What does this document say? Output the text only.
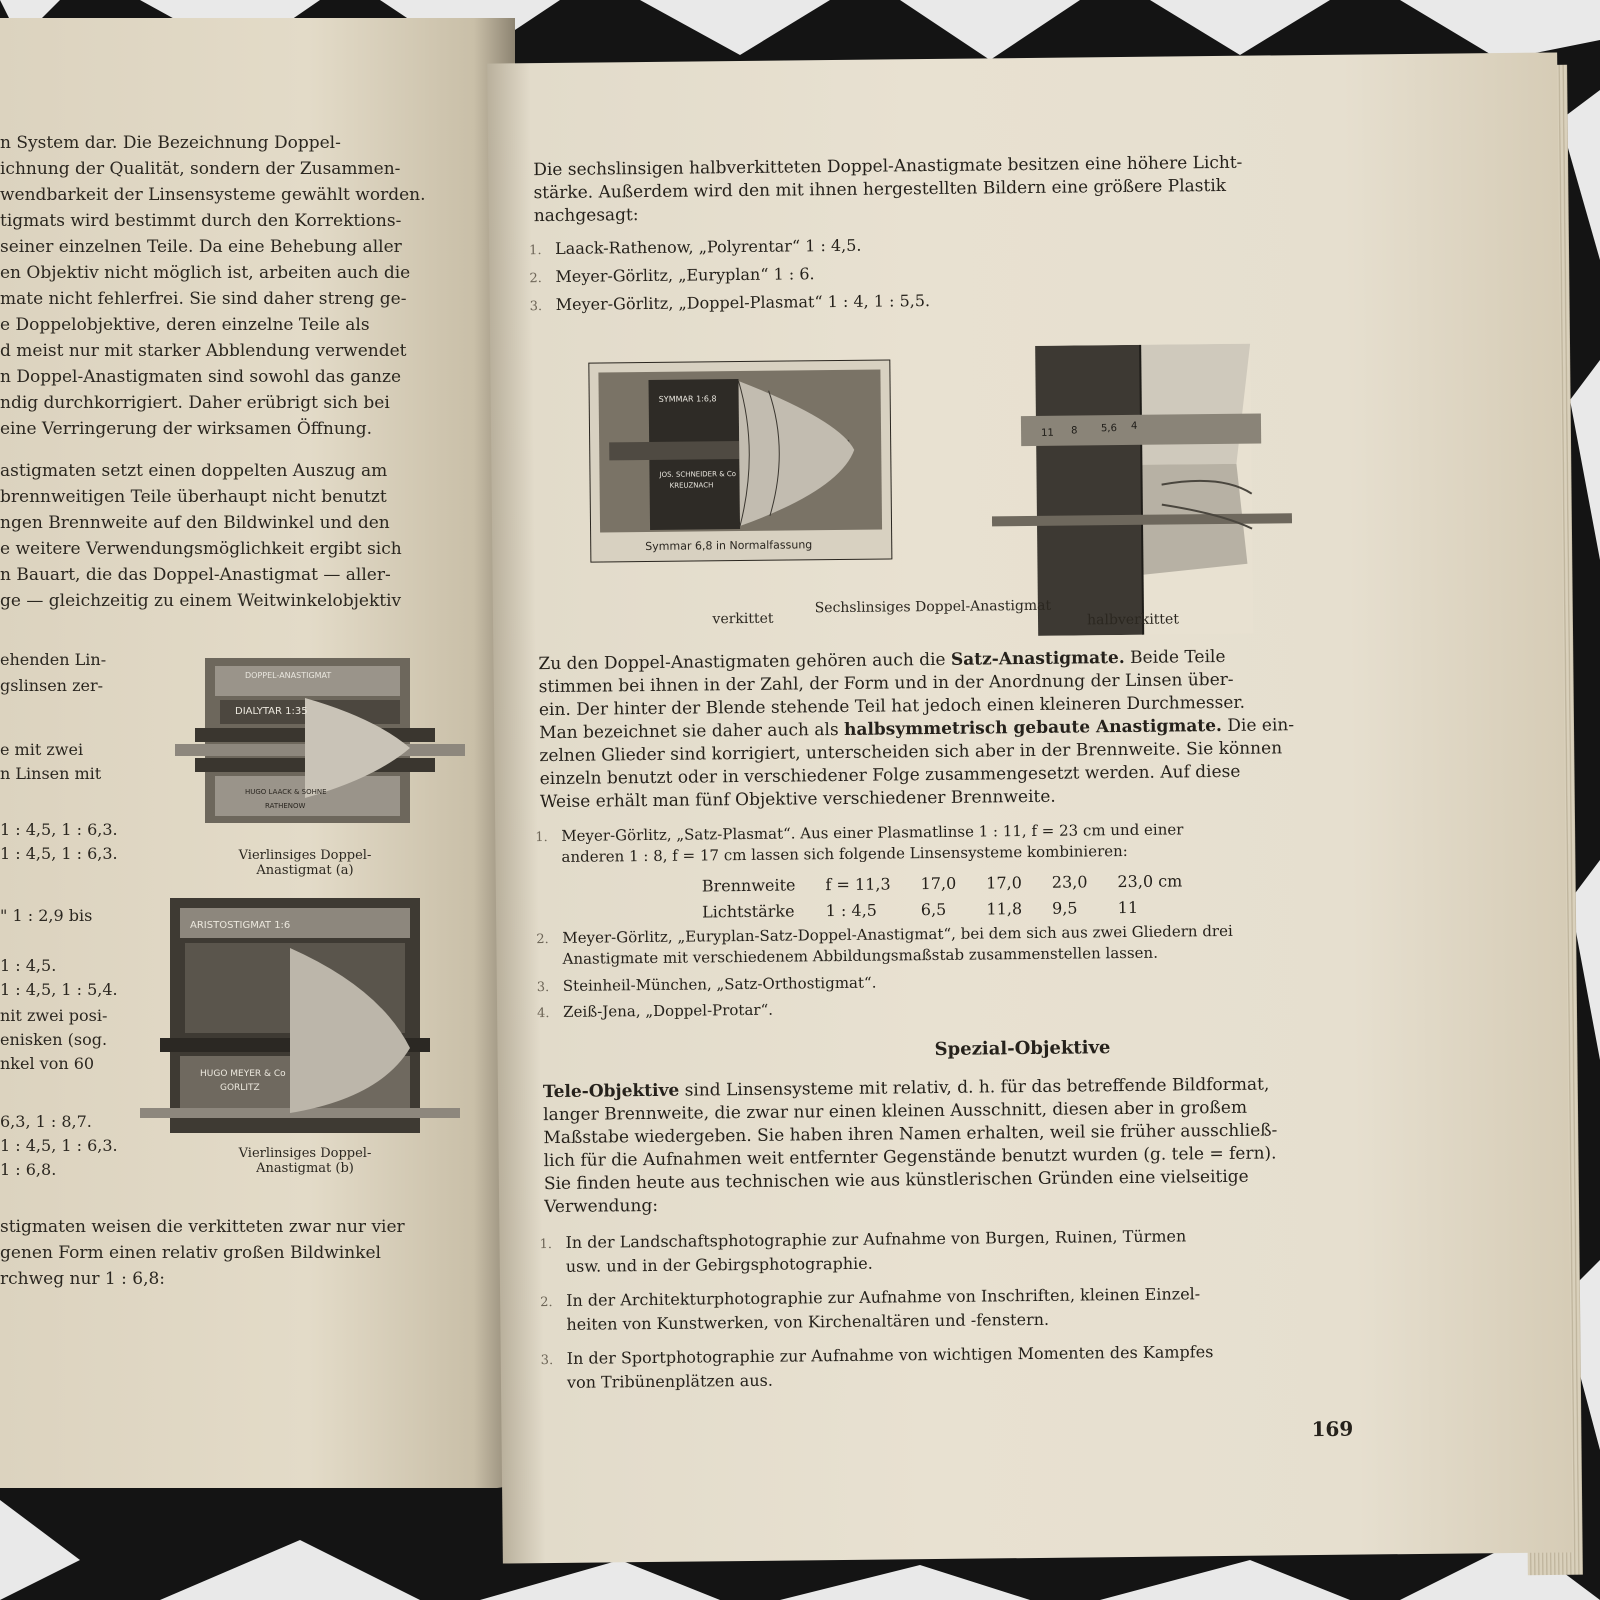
n System dar. Die Bezeichnung Doppel-
ichnung der Qualität, sondern der Zusammen-
wendbarkeit der Linsensysteme gewählt worden.
tigmats wird bestimmt durch den Korrektions-
seiner einzelnen Teile. Da eine Behebung aller
en Objektiv nicht möglich ist, arbeiten auch die
mate nicht fehlerfrei. Sie sind daher streng ge-
e Doppelobjektive, deren einzelne Teile als
d meist nur mit starker Abblendung verwendet
n Doppel-Anastigmaten sind sowohl das ganze
ndig durchkorrigiert. Daher erübrigt sich bei
eine Verringerung der wirksamen Öffnung.
astigmaten setzt einen doppelten Auszug am
brennweitigen Teile überhaupt nicht benutzt
ngen Brennweite auf den Bildwinkel und den
e weitere Verwendungsmöglichkeit ergibt sich
n Bauart, die das Doppel-Anastigmat — aller-
ge — gleichzeitig zu einem Weitwinkelobjektiv
ehenden Lin-
gslinsen zer-
e mit zwei
n Linsen mit
1 : 4,5, 1 : 6,3.
1 : 4,5, 1 : 6,3.
" 1 : 2,9 bis
1 : 4,5.
1 : 4,5, 1 : 5,4.
nit zwei posi-
enisken (sog.
nkel von 60
6,3, 1 : 8,7.
1 : 4,5, 1 : 6,3.
1 : 6,8.
DOPPEL-ANASTIGMAT
DIALYTAR 1:35
HUGO LAACK & SOHNE
RATHENOW
Vierlinsiges Doppel-
Anastigmat (a)
ARISTOSTIGMAT 1:6
HUGO MEYER & Co
GORLITZ
Vierlinsiges Doppel-
Anastigmat (b)
stigmaten weisen die verkitteten zwar nur vier
genen Form einen relativ großen Bildwinkel
rchweg nur 1 : 6,8:
Die sechslinsigen halbverkitteten Doppel-Anastigmate besitzen eine höhere Licht-
stärke. Außerdem wird den mit ihnen hergestellten Bildern eine größere Plastik
nachgesagt:
1. Laack-Rathenow, „Polyrentar“ 1 : 4,5.
2. Meyer-Görlitz, „Euryplan“ 1 : 6.
3. Meyer-Görlitz, „Doppel-Plasmat“ 1 : 4, 1 : 5,5.
SYMMAR 1:6,8
JOS. SCHNEIDER & Co
KREUZNACH
Symmar 6,8 in Normalfassung
11 8 5,6 4
Sechslinsiges Doppel-Anastigmat
verkittet	halbverkittet
Zu den Doppel-Anastigmaten gehören auch die Satz-Anastigmate. Beide Teile
stimmen bei ihnen in der Zahl, der Form und in der Anordnung der Linsen über-
ein. Der hinter der Blende stehende Teil hat jedoch einen kleineren Durchmesser.
Man bezeichnet sie daher auch als halbsymmetrisch gebaute Anastigmate. Die ein-
zelnen Glieder sind korrigiert, unterscheiden sich aber in der Brennweite. Sie können
einzeln benutzt oder in verschiedener Folge zusammengesetzt werden. Auf diese
Weise erhält man fünf Objektive verschiedener Brennweite.
1. Meyer-Görlitz, „Satz-Plasmat“. Aus einer Plasmatlinse 1 : 11, f = 23 cm und einer
anderen 1 : 8, f = 17 cm lassen sich folgende Linsensysteme kombinieren:
Brennweite	f = 11,3	17,0	17,0	23,0	23,0 cm
Lichtstärke	1 : 4,5	6,5	11,8	9,5	11
2. Meyer-Görlitz, „Euryplan-Satz-Doppel-Anastigmat“, bei dem sich aus zwei Gliedern drei
Anastigmate mit verschiedenem Abbildungsmaßstab zusammenstellen lassen.
3. Steinheil-München, „Satz-Orthostigmat“.
4. Zeiß-Jena, „Doppel-Protar“.
Spezial-Objektive
Tele-Objektive sind Linsensysteme mit relativ, d. h. für das betreffende Bildformat,
langer Brennweite, die zwar nur einen kleinen Ausschnitt, diesen aber in großem
Maßstabe wiedergeben. Sie haben ihren Namen erhalten, weil sie früher ausschließ-
lich für die Aufnahmen weit entfernter Gegenstände benutzt wurden (g. tele = fern).
Sie finden heute aus technischen wie aus künstlerischen Gründen eine vielseitige
Verwendung:
1. In der Landschaftsphotographie zur Aufnahme von Burgen, Ruinen, Türmen
usw. und in der Gebirgsphotographie.
2. In der Architekturphotographie zur Aufnahme von Inschriften, kleinen Einzel-
heiten von Kunstwerken, von Kirchenaltären und -fenstern.
3. In der Sportphotographie zur Aufnahme von wichtigen Momenten des Kampfes
von Tribünenplätzen aus.
169
